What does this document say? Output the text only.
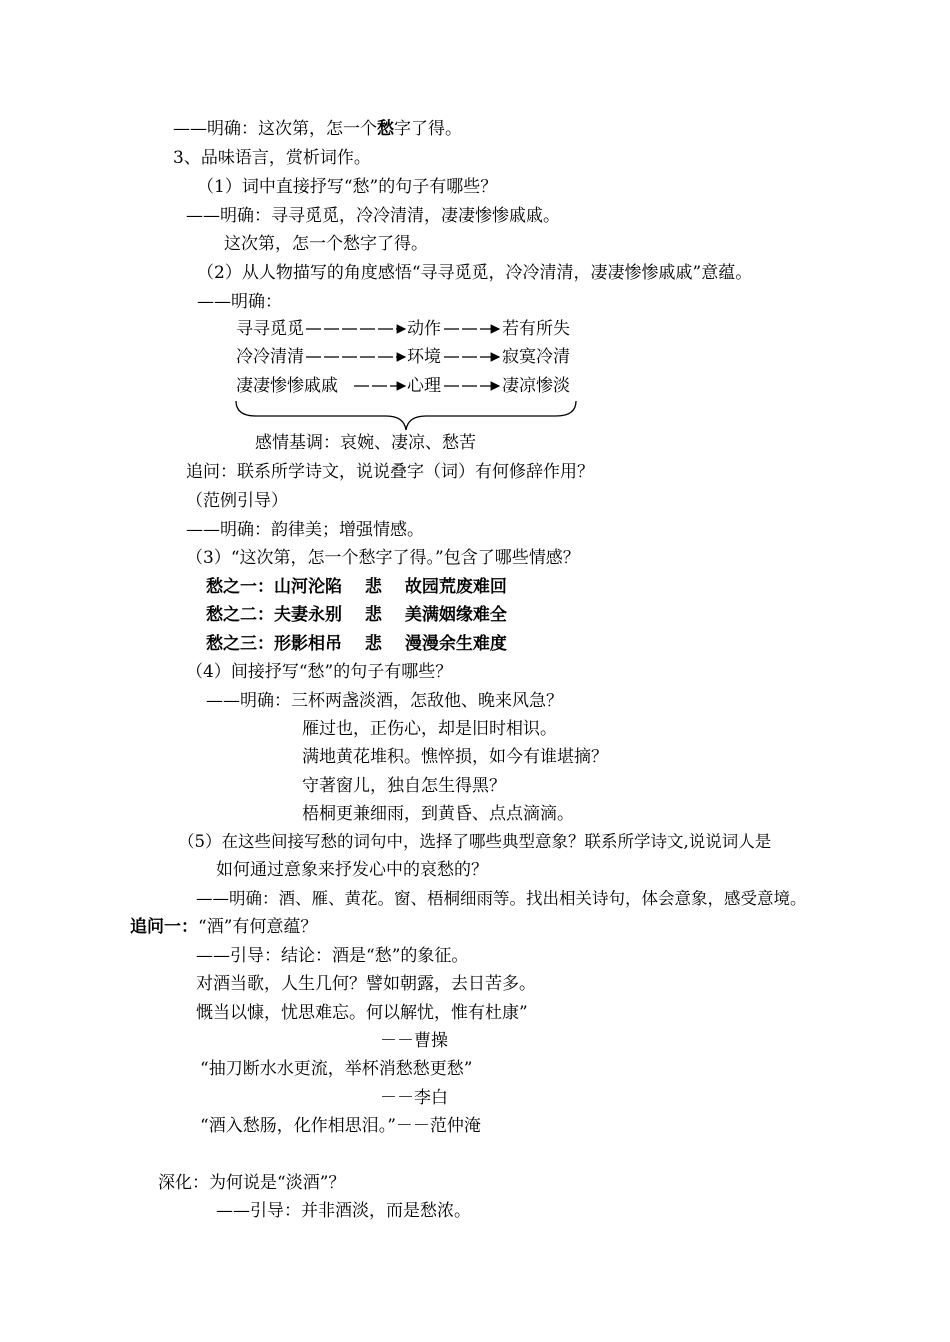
——明确：这次第，怎一个愁字了得。
3、品味语言，赏析词作。
（1）词中直接抒写“愁”的句子有哪些？
——明确：寻寻觅觅，冷冷清清，凄凄惨惨戚戚。
这次第，怎一个愁字了得。
（2）从人物描写的角度感悟“寻寻觅觅，冷冷清清，凄凄惨惨戚戚”意蕴。
——明确：
寻寻觅觅	动作	若有所失
冷冷清清	环境	寂寞冷清
凄凄惨惨戚戚	心理	凄凉惨淡
感情基调：哀婉、凄凉、愁苦
追问：联系所学诗文，说说叠字（词）有何修辞作用？
（范例引导）
——明确：韵律美；增强情感。
（3）“这次第，怎一个愁字了得。”包含了哪些情感？
愁之一：山河沦陷　 悲　 故园荒废难回
愁之二：夫妻永别　 悲　 美满姻缘难全
愁之三：形影相吊　 悲　 漫漫余生难度
（4）间接抒写“愁”的句子有哪些？
——明确：三杯两盏淡酒，怎敌他、晚来风急？
雁过也，正伤心，却是旧时相识。
满地黄花堆积。憔悴损，如今有谁堪摘？
守著窗儿，独自怎生得黑？
梧桐更兼细雨，到黄昏、点点滴滴。
（5）在这些间接写愁的词句中，选择了哪些典型意象？联系所学诗文,说说词人是
如何通过意象来抒发心中的哀愁的？
——明确：酒、雁、黄花。窗、梧桐细雨等。找出相关诗句，体会意象，感受意境。
追问一：“酒”有何意蕴？
——引导：结论：酒是“愁”的象征。
对酒当歌，人生几何？譬如朝露，去日苦多。
慨当以慷，忧思难忘。何以解忧，惟有杜康”
－－曹操
“抽刀断水水更流，举杯消愁愁更愁”
－－李白
“酒入愁肠，化作相思泪。”－－范仲淹
深化：为何说是“淡酒”？
——引导：并非酒淡，而是愁浓。
